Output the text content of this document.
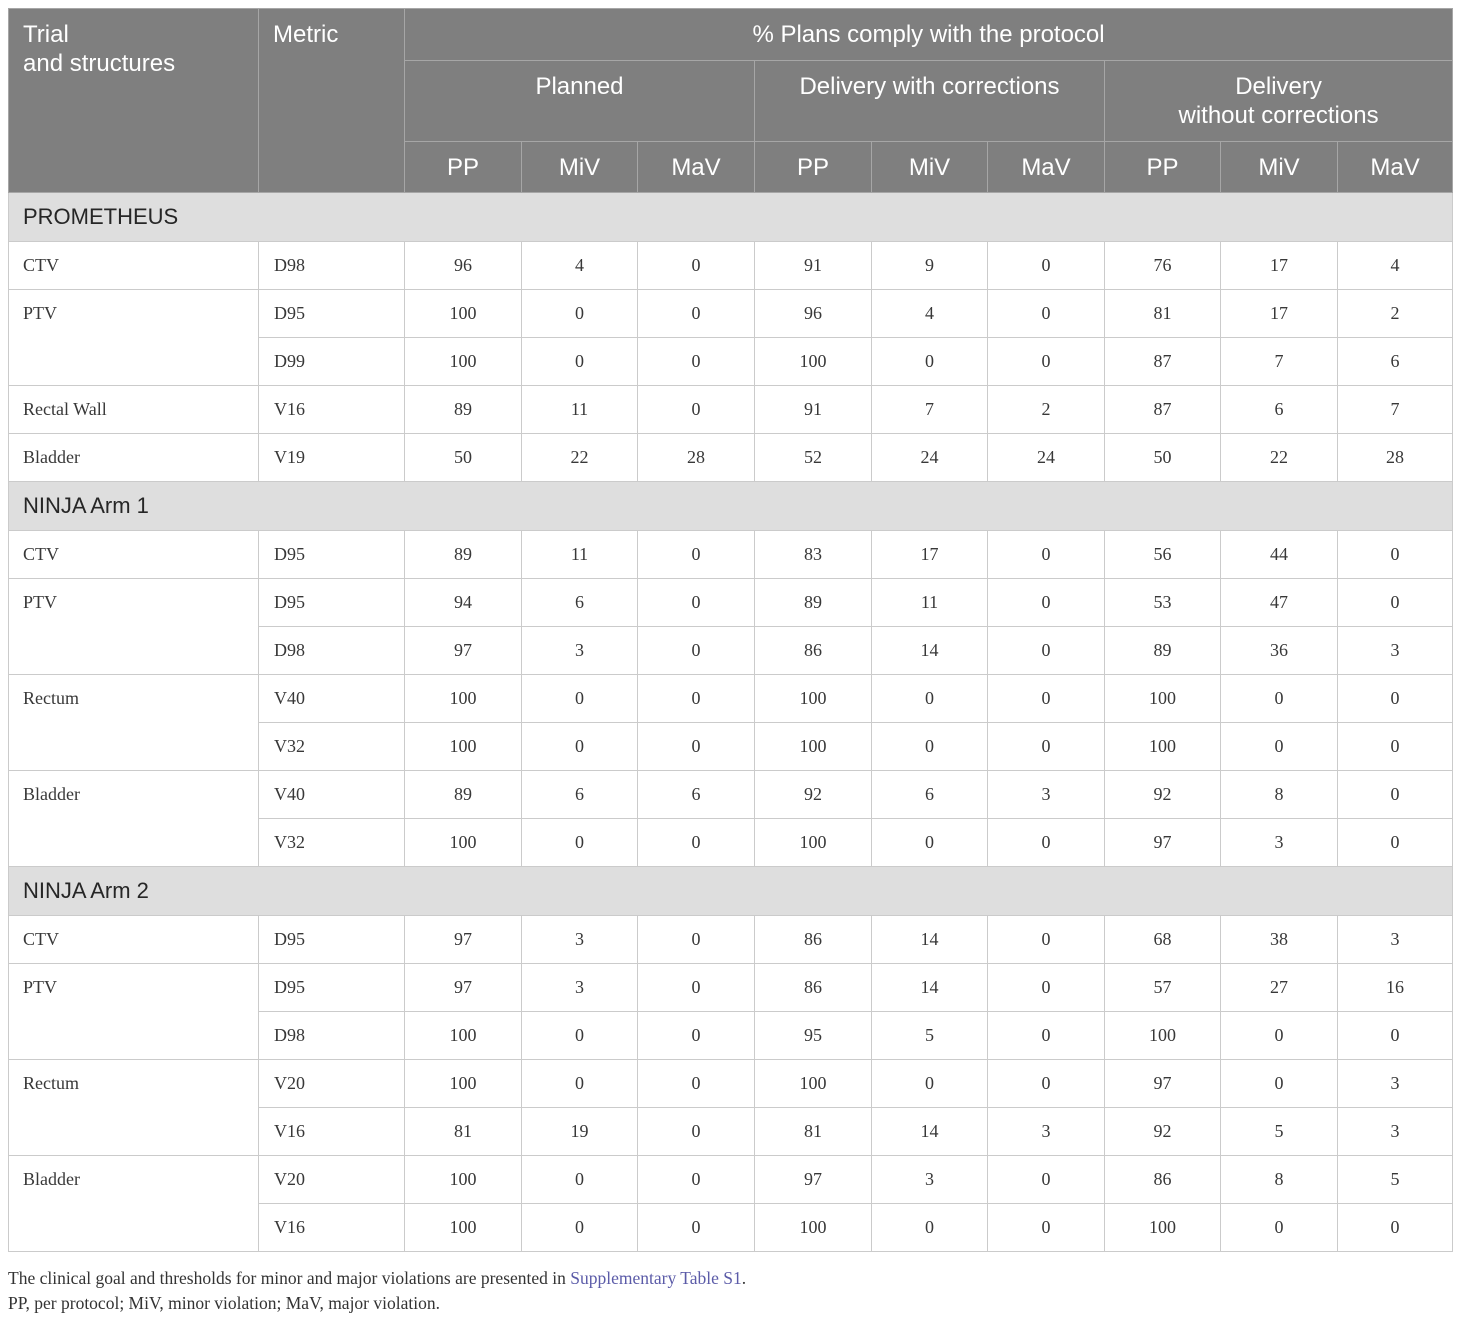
Trial
and structures	Metric	% Plans comply with the protocol								
		Planned			Delivery with corrections			Delivery
without corrections		
		PP	MiV	MaV	PP	MiV	MaV	PP	MiV	MaV
PROMETHEUS										
CTV	D98	96	4	0	91	9	0	76	17	4
PTV	D95	100	0	0	96	4	0	81	17	2
	D99	100	0	0	100	0	0	87	7	6
Rectal Wall	V16	89	11	0	91	7	2	87	6	7
Bladder	V19	50	22	28	52	24	24	50	22	28
NINJA Arm 1										
CTV	D95	89	11	0	83	17	0	56	44	0
PTV	D95	94	6	0	89	11	0	53	47	0
	D98	97	3	0	86	14	0	89	36	3
Rectum	V40	100	0	0	100	0	0	100	0	0
	V32	100	0	0	100	0	0	100	0	0
Bladder	V40	89	6	6	92	6	3	92	8	0
	V32	100	0	0	100	0	0	97	3	0
NINJA Arm 2										
CTV	D95	97	3	0	86	14	0	68	38	3
PTV	D95	97	3	0	86	14	0	57	27	16
	D98	100	0	0	95	5	0	100	0	0
Rectum	V20	100	0	0	100	0	0	97	0	3
	V16	81	19	0	81	14	3	92	5	3
Bladder	V20	100	0	0	97	3	0	86	8	5
	V16	100	0	0	100	0	0	100	0	0
The clinical goal and thresholds for minor and major violations are presented in Supplementary Table S1.
PP, per protocol; MiV, minor violation; MaV, major violation.
